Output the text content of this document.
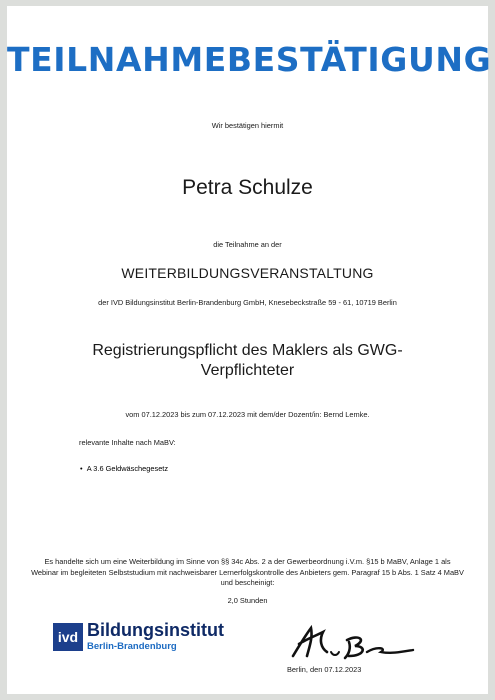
TEILNAHMEBESTÄTIGUNG
Wir bestätigen hiermit
Petra Schulze
die Teilnahme an der
WEITERBILDUNGSVERANSTALTUNG
der IVD Bildungsinstitut Berlin-Brandenburg GmbH, Knesebeckstraße 59 - 61, 10719 Berlin
Registrierungspflicht des Maklers als GWG-Verpflichteter
vom 07.12.2023 bis zum 07.12.2023 mit dem/der Dozent/in: Bernd Lemke.
relevante Inhalte nach MaBV:
•  A 3.6 Geldwäschegesetz
Es handelte sich um eine Weiterbildung im Sinne von §§ 34c Abs. 2 a der Gewerbeordnung i.V.m. §15 b MaBV, Anlage 1 als Webinar im begleiteten Selbststudium mit nachweisbarer Lernerfolgskontrolle des Anbieters gem. Paragraf 15 b Abs. 1 Satz 4 MaBV und bescheinigt:
2,0 Stunden
ivd Bildungsinstitut
Berlin-Brandenburg
Berlin, den 07.12.2023
